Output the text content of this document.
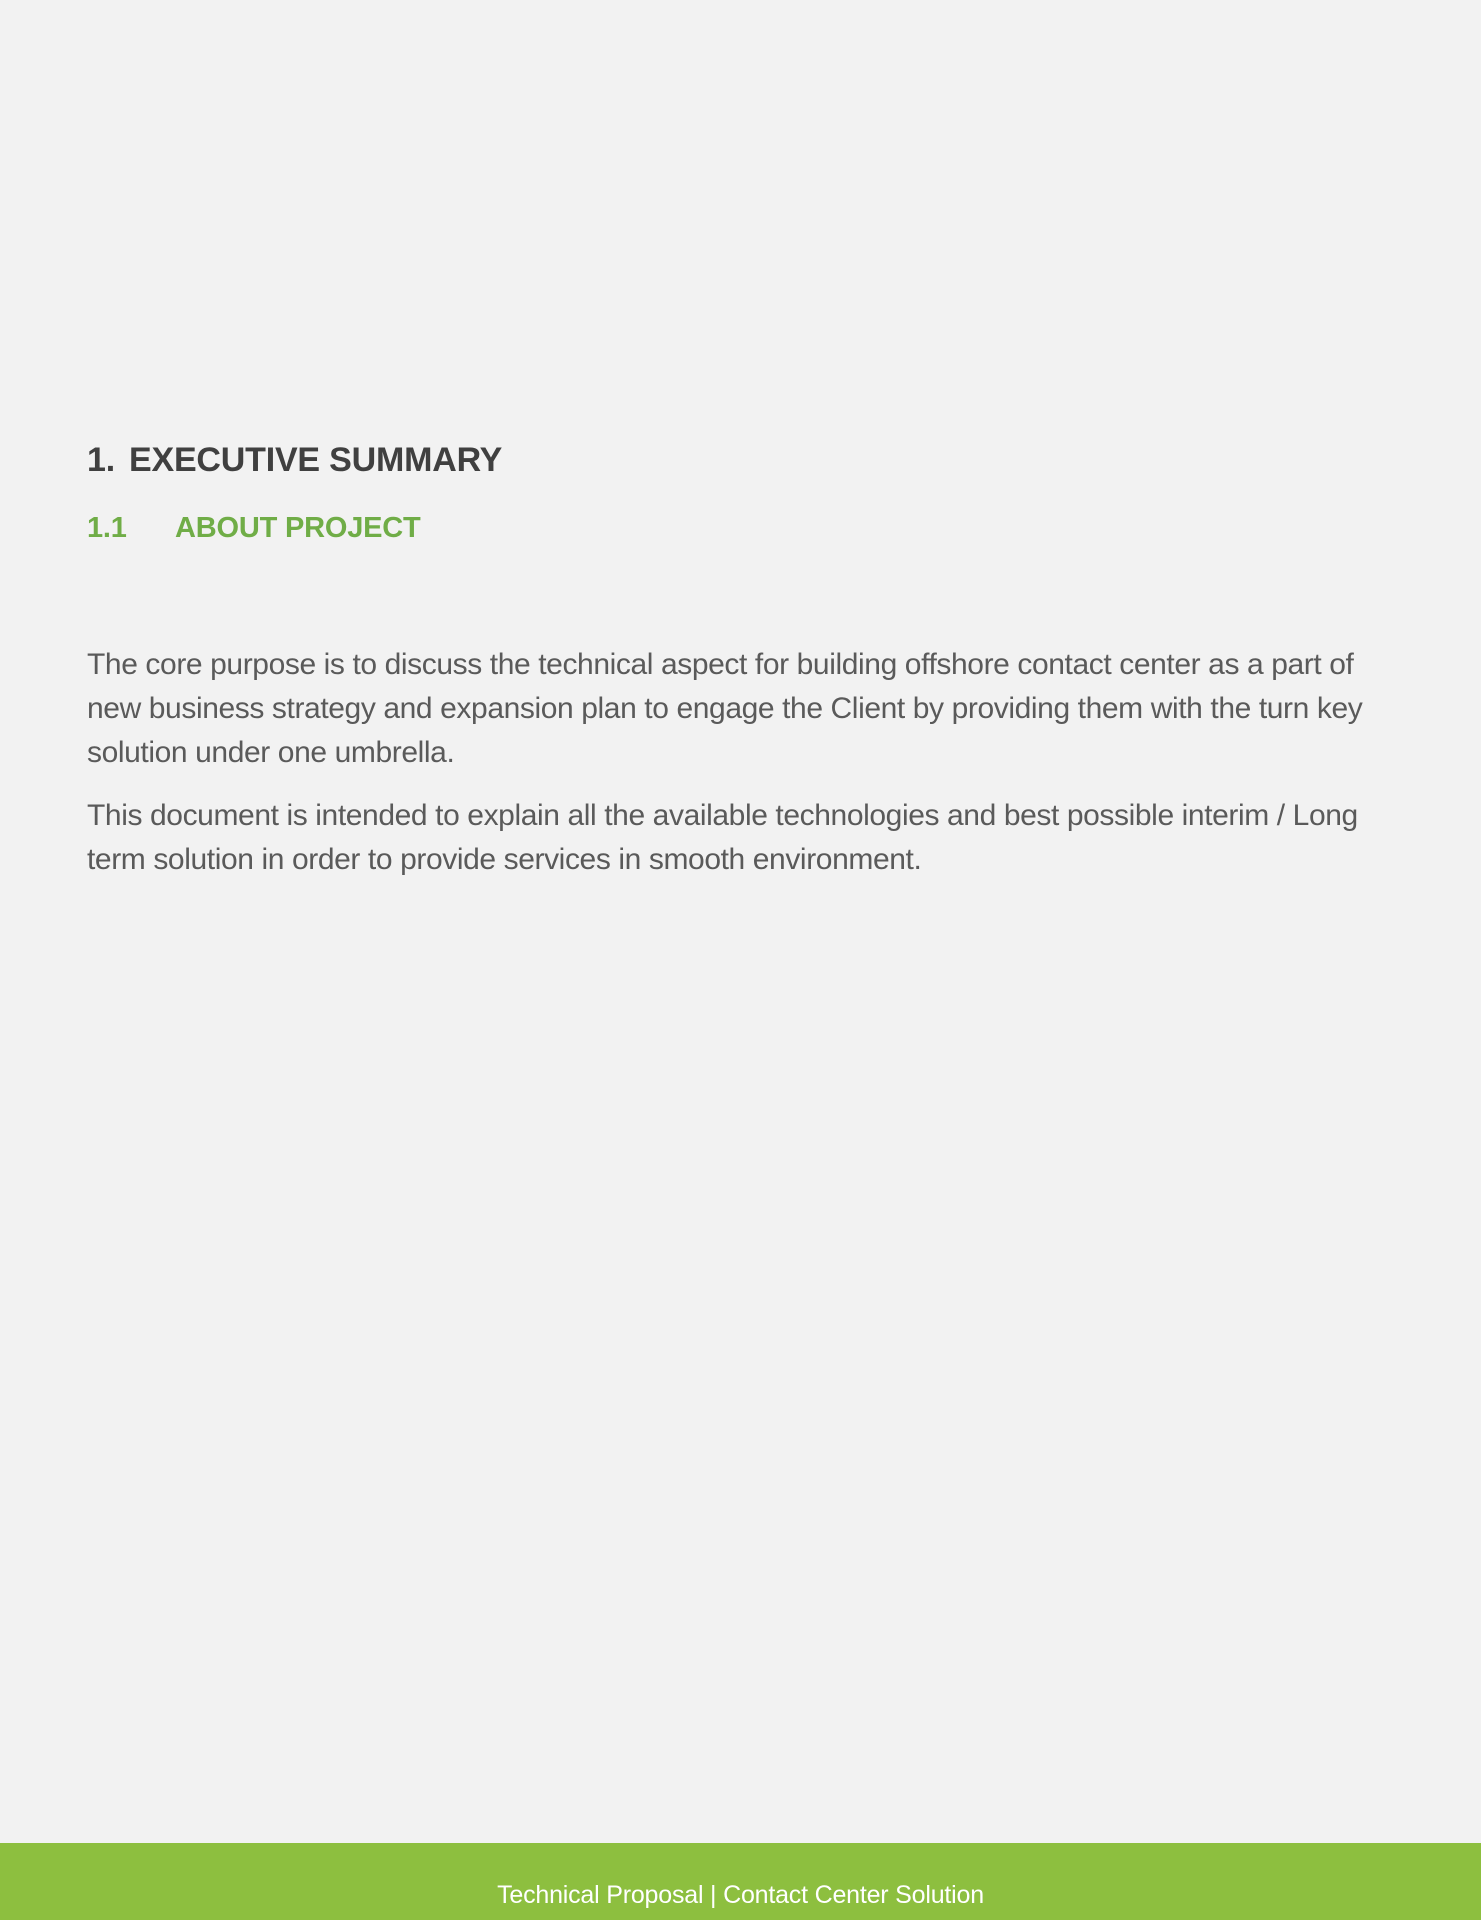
1. EXECUTIVE SUMMARY
1.1	ABOUT PROJECT

The core purpose is to discuss the technical aspect for building offshore contact center as a part of new business strategy and expansion plan to engage the Client by providing them with the turn key solution under one umbrella.

This document is intended to explain all the available technologies and best possible interim / Long term solution in order to provide services in smooth environment.

Technical Proposal | Contact Center Solution
